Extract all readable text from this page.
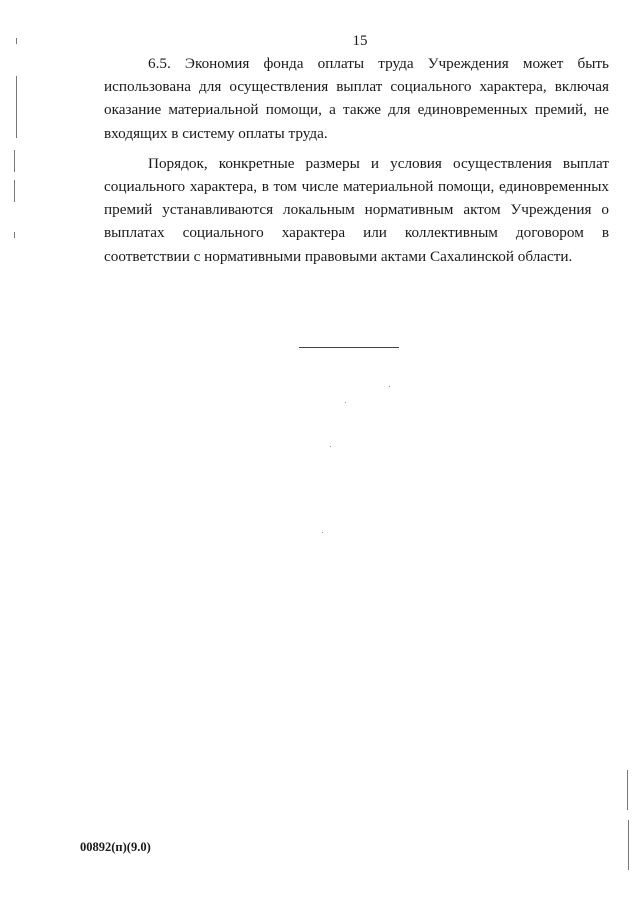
15

6.5. Экономия фонда оплаты труда Учреждения может быть использована для осуществления выплат социального характера, включая оказание материальной помощи, а также для единовременных премий, не входящих в систему оплаты труда.

Порядок, конкретные размеры и условия осуществления выплат социального характера, в том числе материальной помощи, единовременных премий устанавливаются локальным нормативным актом Учреждения о выплатах социального характера или коллективным договором в соответствии с нормативными правовыми актами Сахалинской области.

00892(п)(9.0)
